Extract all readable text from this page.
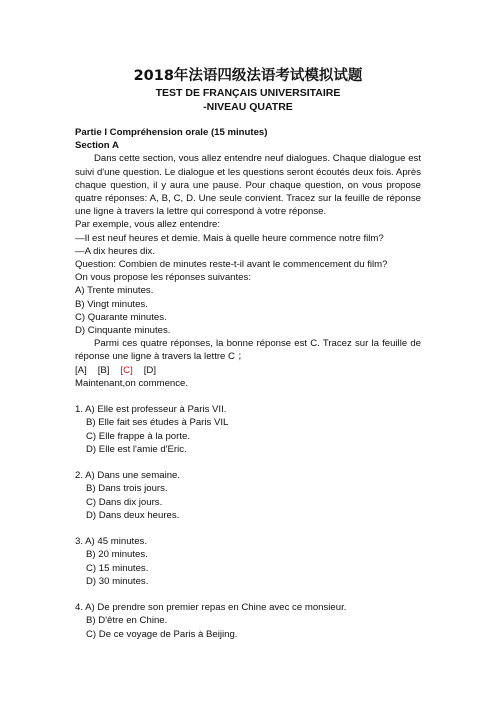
2018年法语四级法语考试模拟试题
TEST DE FRANÇAIS UNIVERSITAIRE
-NIVEAU QUATRE

Partie I Compréhension orale (15 minutes)

Section A

Dans cette section, vous allez entendre neuf dialogues. Chaque dialogue est suivi d'une question. Le dialogue et les questions seront écoutés deux fois. Après chaque question, il y aura une pause. Pour chaque question, on vous propose quatre réponses: A, B, C, D. Une seule convient. Tracez sur la feuille de réponse une ligne à travers la lettre qui correspond à votre réponse.

Par exemple, vous allez entendre:

—Il est neuf heures et demie. Mais à quelle heure commence notre film?

—A dix heures dix.

Question: Combien de minutes reste-t-il avant le commencement du film?

On vous propose les réponses suivantes:

A) Trente minutes.

B) Vingt minutes.

C) Quarante minutes.

D) Cinquante minutes.

Parmi ces quatre réponses, la bonne réponse est C. Tracez sur la feuille de réponse une ligne à travers la lettre C ；

[A] [B] [C] [D]

Maintenant,on commence.

1. A) Elle est professeur à Paris VII.

B) Elle fait ses études à Paris VIL

C) Elle frappe à la porte.

D) Elle est l'amie d'Eric.

2. A) Dans une semaine.

B) Dans trois jours.

C) Dans dix jours.

D) Dans deux heures.

3. A) 45 minutes.

B) 20 minutes.

C) 15 minutes.

D) 30 minutes.

4. A) De prendre son premier repas en Chine avec ce monsieur.

B) D'être en Chine.

C) De ce voyage de Paris à Beijing.
